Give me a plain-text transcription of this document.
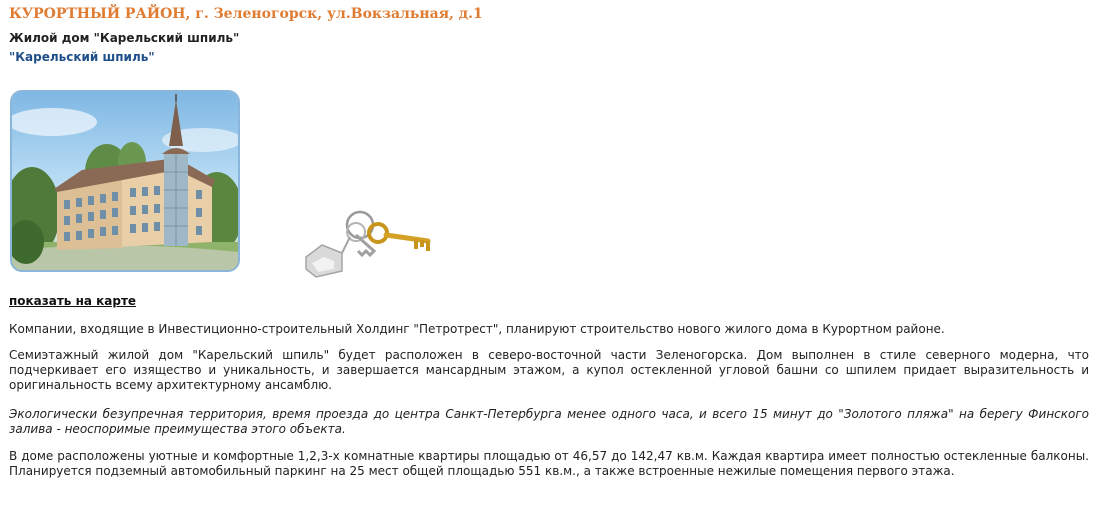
КУРОРТНЫЙ РАЙОН, г. Зеленогорск, ул.Вокзальная, д.1
Жилой дом "Карельский шпиль"
"Карельский шпиль"
показать на карте

Компании, входящие в Инвестиционно-строительный Холдинг "Петротрест", планируют строительство нового жилого дома в Курортном районе.

Семиэтажный жилой дом "Карельский шпиль" будет расположен в северо-восточной части Зеленогорска. Дом выполнен в стиле северного модерна, что подчеркивает его изящество и уникальность, и завершается мансардным этажом, а купол остекленной угловой башни со шпилем придает выразительность и оригинальность всему архитектурному ансамблю.

Экологически безупречная территория, время проезда до центра Санкт-Петербурга менее одного часа, и всего 15 минут до "Золотого пляжа" на берегу Финского залива - неоспоримые преимущества этого объекта.

В доме расположены уютные и комфортные 1,2,3-х комнатные квартиры площадью от 46,57 до 142,47 кв.м. Каждая квартира имеет полностью остекленные балконы. Планируется подземный автомобильный паркинг на 25 мест общей площадью 551 кв.м., а также встроенные нежилые помещения первого этажа.
